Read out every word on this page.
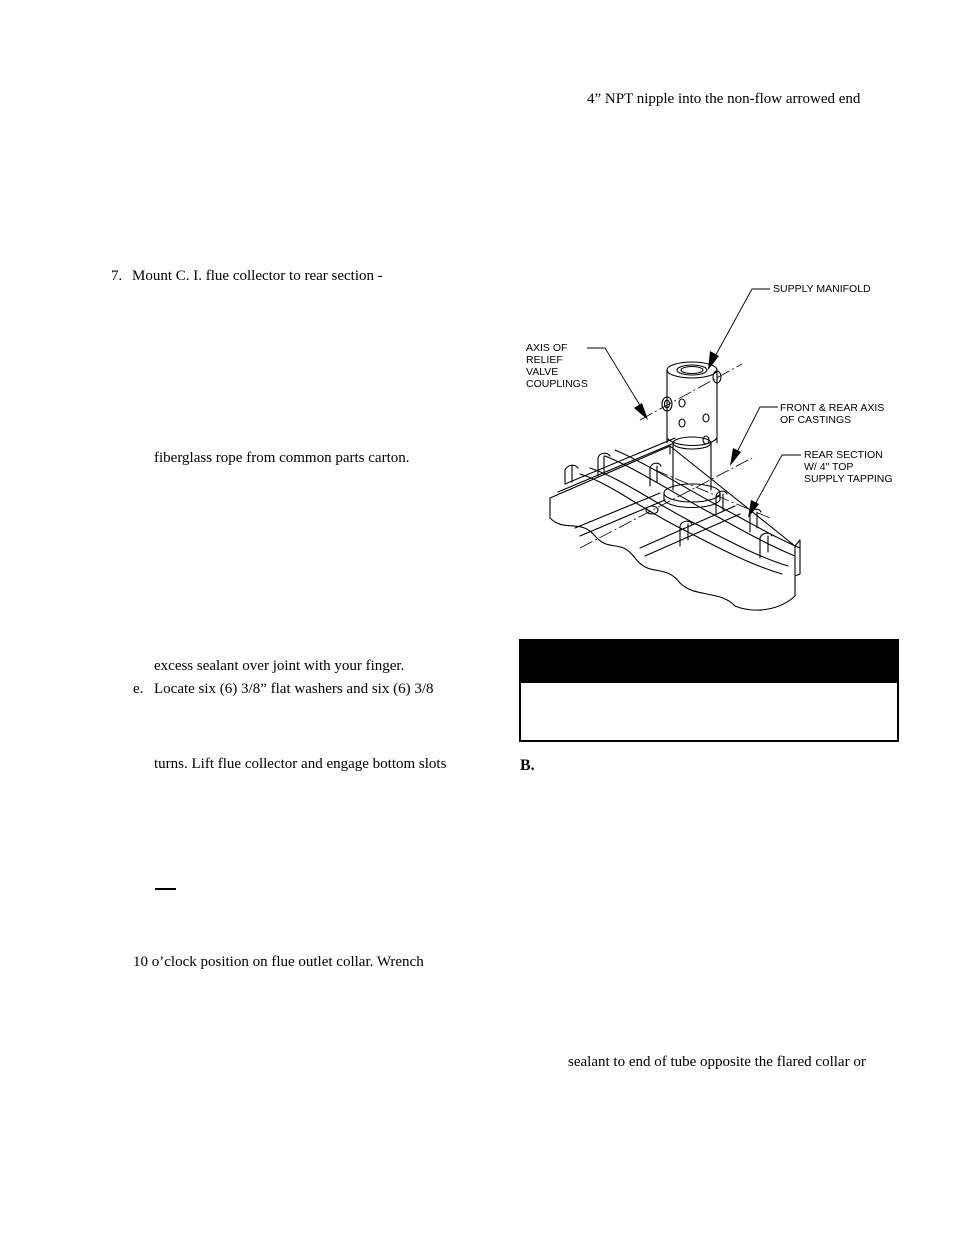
4” NPT nipple into the non-flow arrowed end
7. Mount C. I. flue collector to rear section -
fiberglass rope from common parts carton.
excess sealant over joint with your finger.
e. Locate six (6) 3/8” flat washers and six (6) 3/8
turns. Lift flue collector and engage bottom slots
10 o’clock position on flue outlet collar. Wrench
B.
sealant to end of tube opposite the flared collar or
SUPPLY MANIFOLD
AXIS OF
RELIEF
VALVE
COUPLINGS
FRONT & REAR AXIS
OF CASTINGS
REAR SECTION
W/ 4" TOP
SUPPLY TAPPING
